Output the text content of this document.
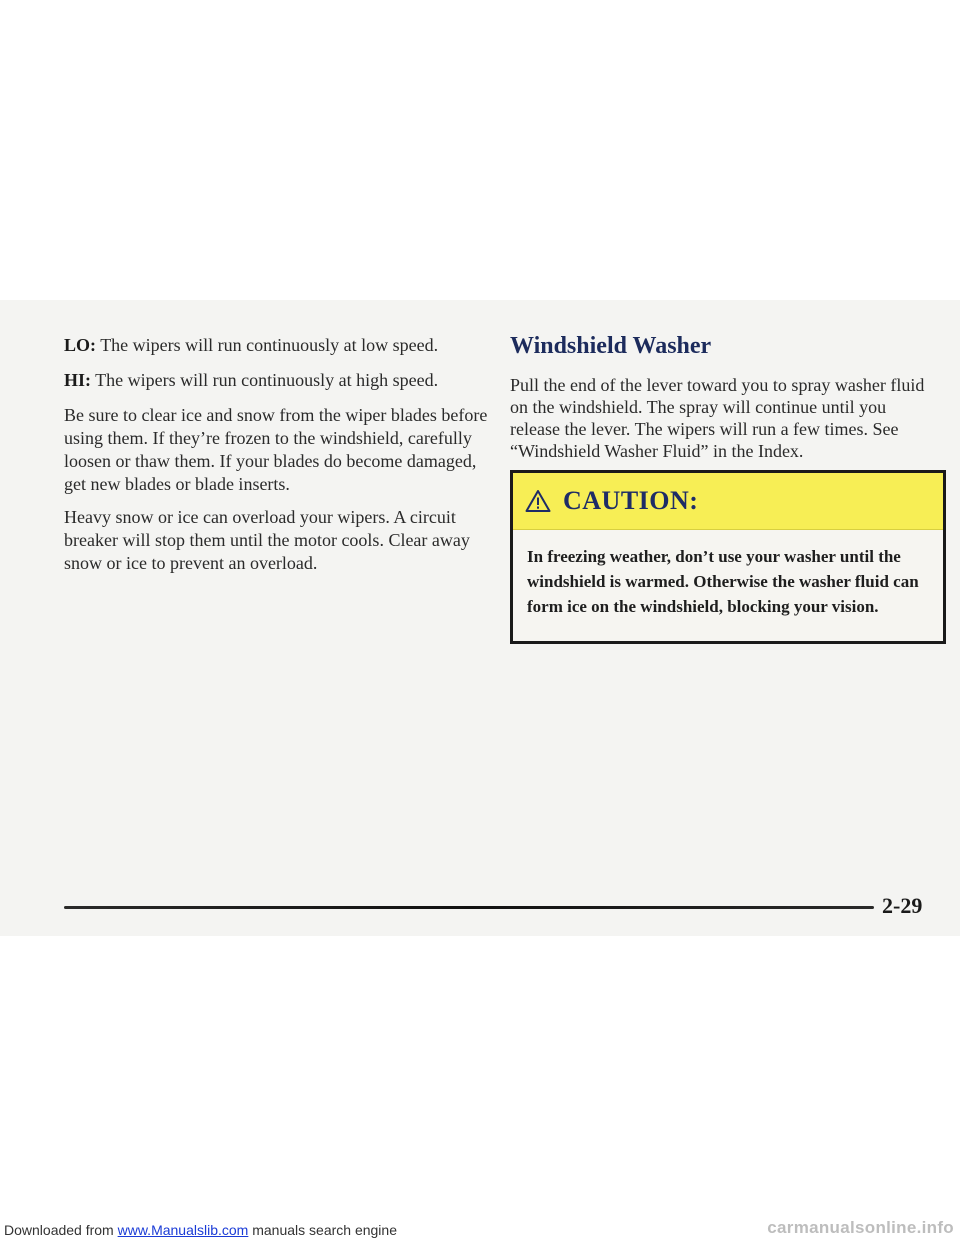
LO: The wipers will run continuously at low speed.

HI: The wipers will run continuously at high speed.

Be sure to clear ice and snow from the wiper blades before using them. If they’re frozen to the windshield, carefully loosen or thaw them. If your blades do become damaged, get new blades or blade inserts.

Heavy snow or ice can overload your wipers. A circuit breaker will stop them until the motor cools. Clear away snow or ice to prevent an overload.

Windshield Washer

Pull the end of the lever toward you to spray washer fluid on the windshield. The spray will continue until you release the lever. The wipers will run a few times. See “Windshield Washer Fluid” in the Index.

CAUTION:
In freezing weather, don’t use your washer until the windshield is warmed. Otherwise the washer fluid can form ice on the windshield, blocking your vision.
2-29
Downloaded from www.Manualslib.com manuals search engine	carmanualsonline.info
